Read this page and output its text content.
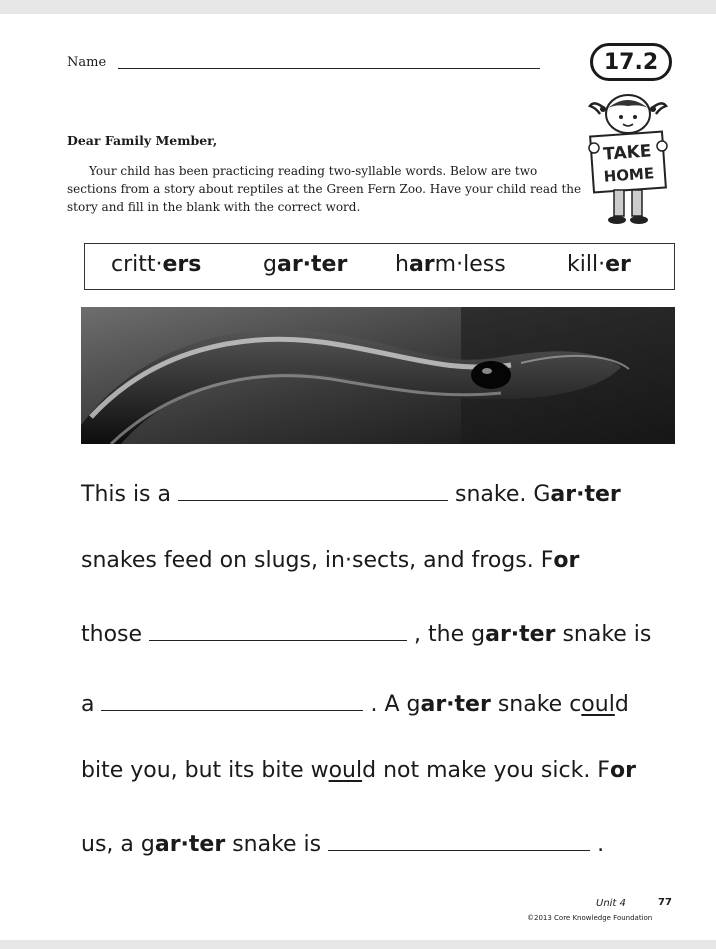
Name	17.2
TAKE
HOME
Dear Family Member,
Your child has been practicing reading two-syllable words. Below are two sections from a story about reptiles at the Green Fern Zoo. Have your child read the story and fill in the blank with the correct word.
critt·ers	gar·ter harm·less	kill·er
This is a	snake. Gar·ter
snakes feed on slugs, in·sects, and frogs. For
those	, the gar·ter snake is
a	. A gar·ter snake could
bite you, but its bite would not make you sick. For
us, a gar·ter snake is	.
Unit 4	77
©2013 Core Knowledge Foundation
